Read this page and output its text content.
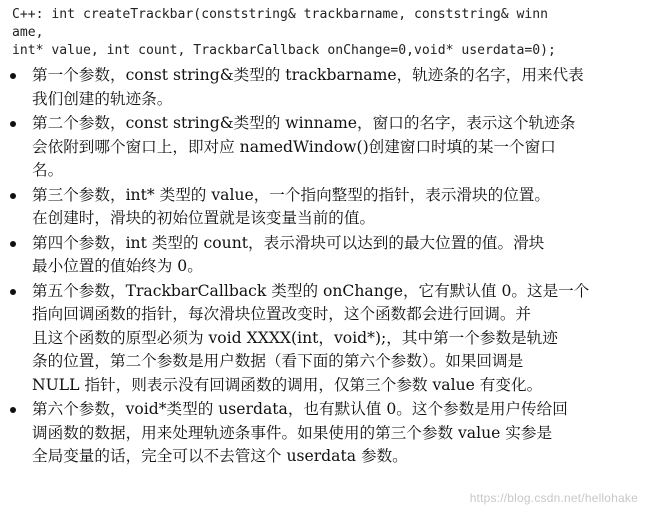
C++: int createTrackbar(conststring& trackbarname, conststring& winn
ame,
int* value, int count, TrackbarCallback onChange=0,void* userdata=0);
第一个参数，const string&类型的 trackbarname，轨迹条的名字，用来代表
我们创建的轨迹条。
第二个参数，const string&类型的 winname，窗口的名字，表示这个轨迹条
会依附到哪个窗口上，即对应 namedWindow()创建窗口时填的某一个窗口
名。
第三个参数，int* 类型的 value，一个指向整型的指针，表示滑块的位置。
在创建时，滑块的初始位置就是该变量当前的值。
第四个参数，int 类型的 count，表示滑块可以达到的最大位置的值。滑块
最小位置的值始终为 0。
第五个参数，TrackbarCallback 类型的 onChange，它有默认值 0。这是一个
指向回调函数的指针，每次滑块位置改变时，这个函数都会进行回调。并
且这个函数的原型必须为 void XXXX(int，void*);，其中第一个参数是轨迹
条的位置，第二个参数是用户数据（看下面的第六个参数）。如果回调是
NULL 指针，则表示没有回调函数的调用，仅第三个参数 value 有变化。
第六个参数，void*类型的 userdata，也有默认值 0。这个参数是用户传给回
调函数的数据，用来处理轨迹条事件。如果使用的第三个参数 value 实参是
全局变量的话，完全可以不去管这个 userdata 参数。
https://blog.csdn.net/hellohake
